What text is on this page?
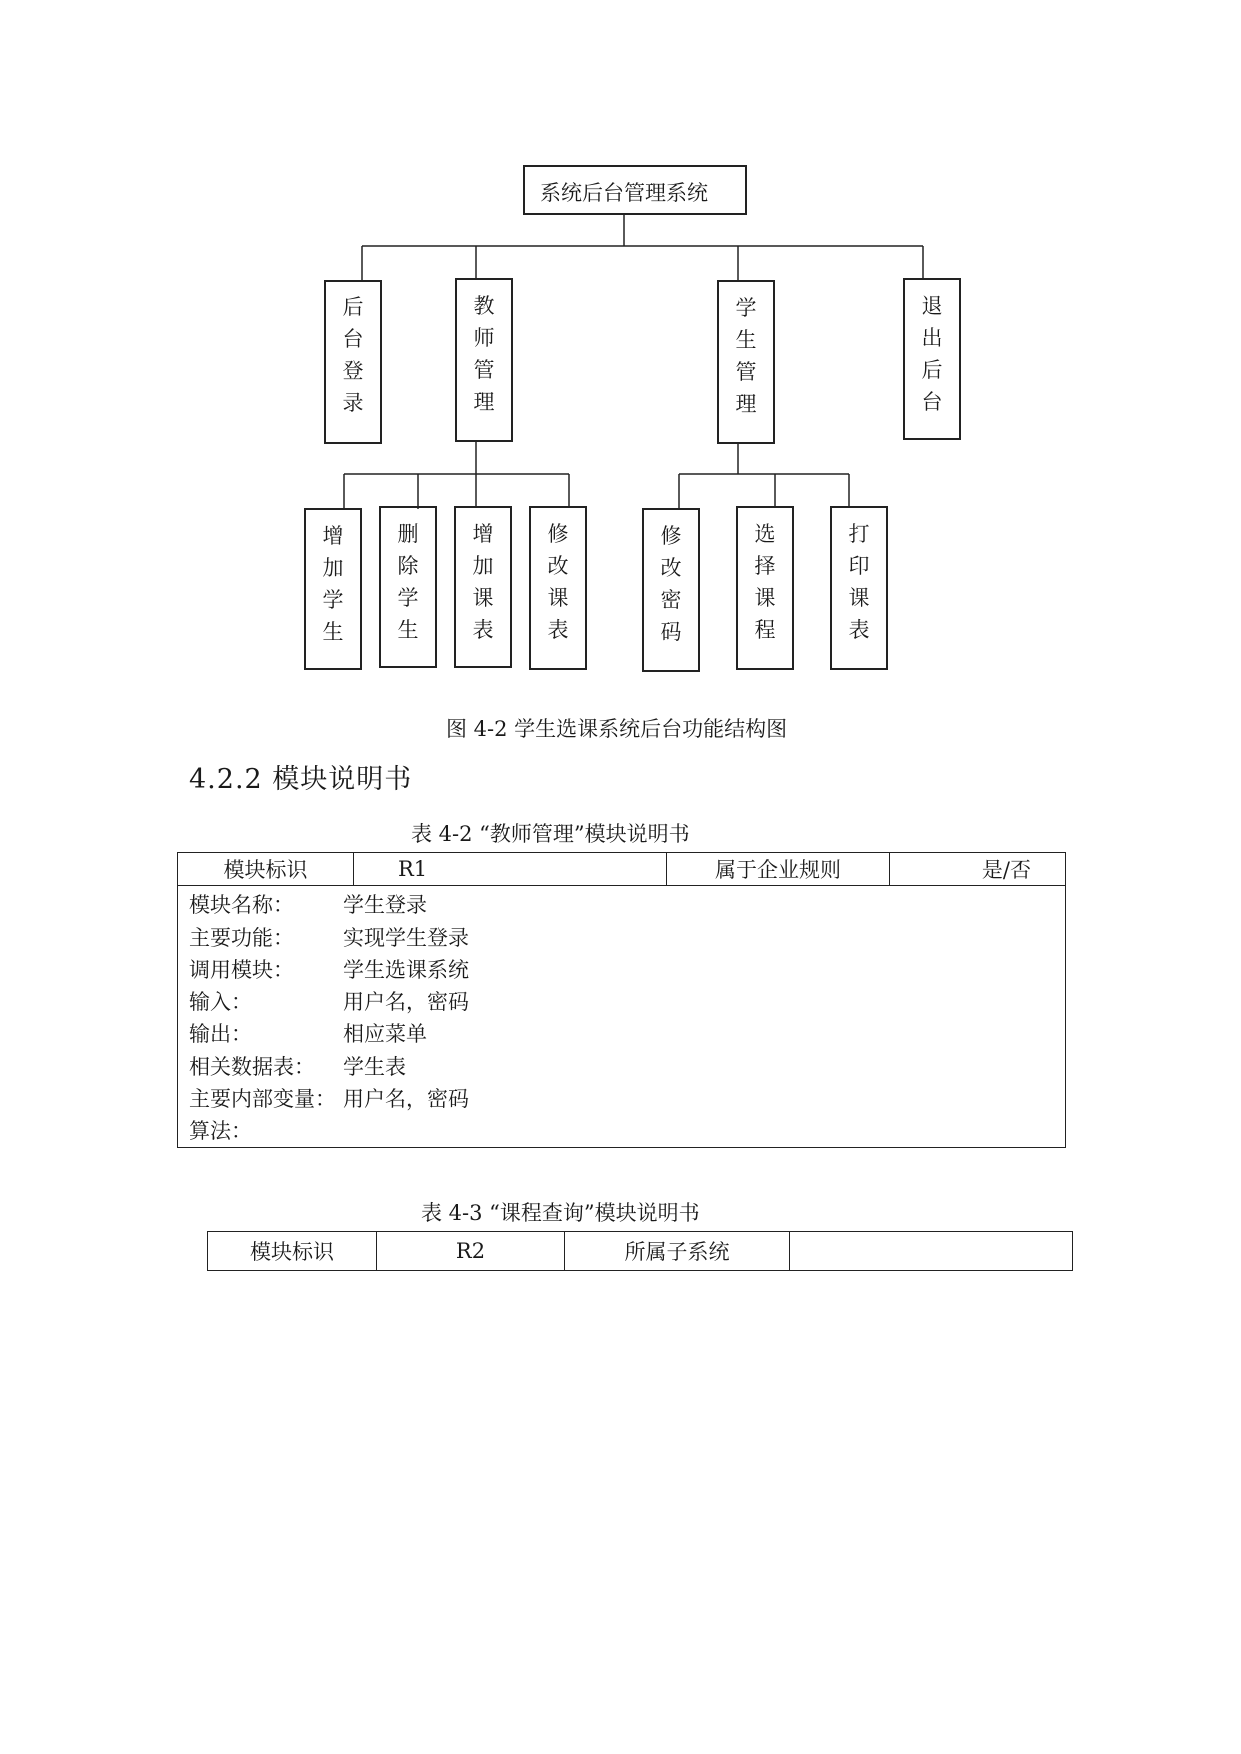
系统后台管理系统
后
台
登
录
教
师
管
理
学
生
管
理
退
出
后
台
增
加
学
生
删
除
学
生
增
加
课
表
修
改
课
表
修
改
密
码
选
择
课
程
打
印
课
表
图 4-2 学生选课系统后台功能结构图
4.2.2 模块说明书
表 4-2 “教师管理”模块说明书
模块标识	R1	属于企业规则	是/否
模块名称： 学生登录
主要功能： 实现学生登录
调用模块： 学生选课系统
输入：	用户名，密码
输出：	相应菜单
相关数据表： 学生表
主要内部变量： 用户名，密码
算法：
表 4-3 “课程查询”模块说明书
模块标识	R2	所属子系统	
